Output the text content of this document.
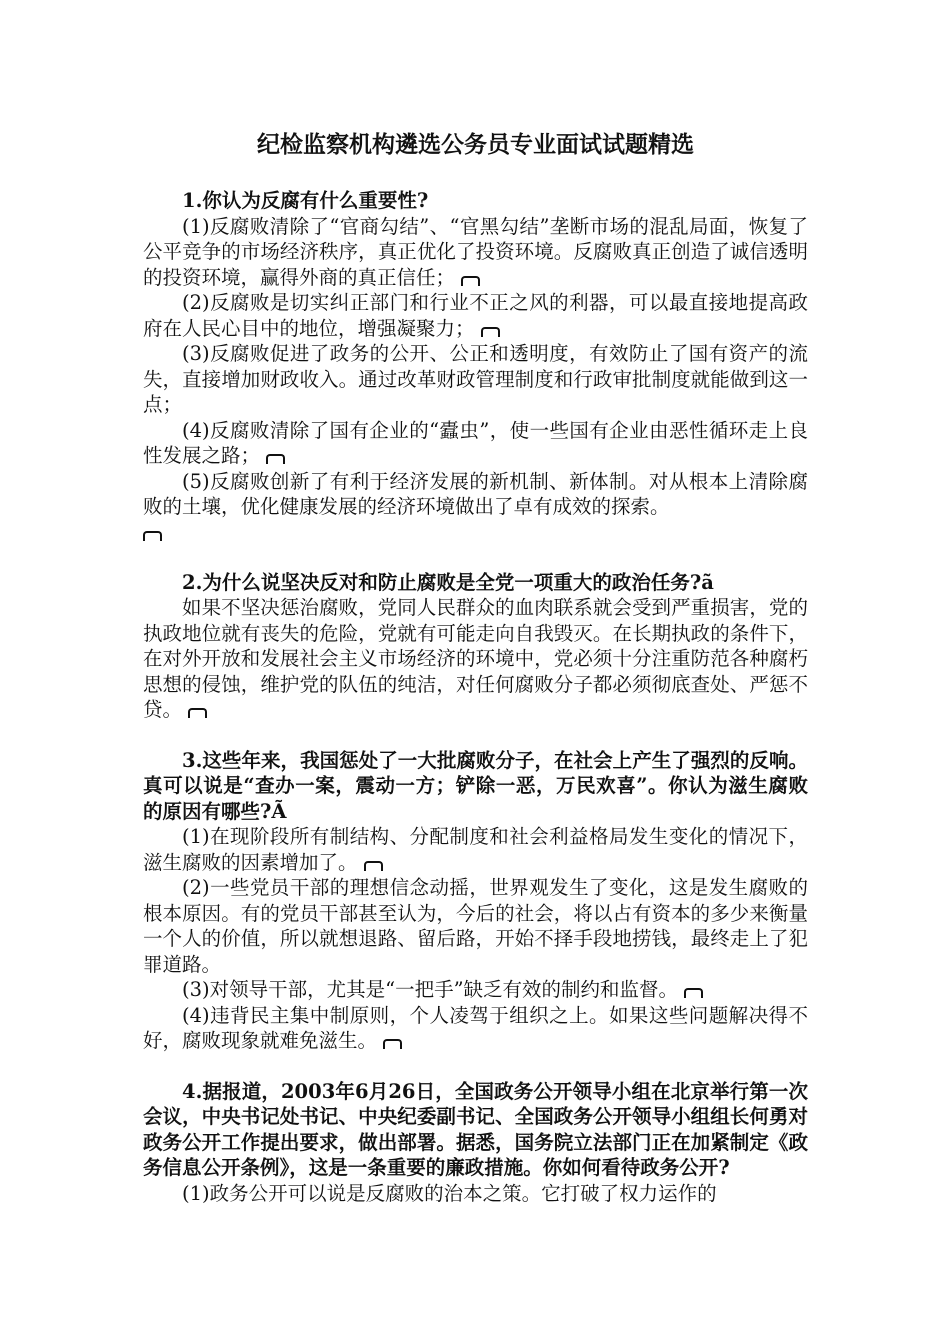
纪检监察机构遴选公务员专业面试试题精选

1.你认为反腐有什么重要性?

(1)反腐败清除了“官商勾结”、“官黑勾结”垄断市场的混乱局面，恢复了公平竞争的市场经济秩序，真正优化了投资环境。反腐败真正创造了诚信透明的投资环境，赢得外商的真正信任；

(2)反腐败是切实纠正部门和行业不正之风的利器，可以最直接地提高政府在人民心目中的地位，增强凝聚力；

(3)反腐败促进了政务的公开、公正和透明度，有效防止了国有资产的流失，直接增加财政收入。通过改革财政管理制度和行政审批制度就能做到这一点；

(4)反腐败清除了国有企业的“蠹虫”，使一些国有企业由恶性循环走上良性发展之路；

(5)反腐败创新了有利于经济发展的新机制、新体制。对从根本上清除腐败的土壤，优化健康发展的经济环境做出了卓有成效的探索。

2.为什么说坚决反对和防止腐败是全党一项重大的政治任务?ã

如果不坚决惩治腐败，党同人民群众的血肉联系就会受到严重损害，党的执政地位就有丧失的危险，党就有可能走向自我毁灭。在长期执政的条件下，在对外开放和发展社会主义市场经济的环境中，党必须十分注重防范各种腐朽思想的侵蚀，维护党的队伍的纯洁，对任何腐败分子都必须彻底查处、严惩不贷。

3.这些年来，我国惩处了一大批腐败分子，在社会上产生了强烈的反响。真可以说是“查办一案，震动一方；铲除一恶，万民欢喜”。你认为滋生腐败的原因有哪些?Ã

(1)在现阶段所有制结构、分配制度和社会利益格局发生变化的情况下，滋生腐败的因素增加了。

(2)一些党员干部的理想信念动摇，世界观发生了变化，这是发生腐败的根本原因。有的党员干部甚至认为，今后的社会，将以占有资本的多少来衡量一个人的价值，所以就想退路、留后路，开始不择手段地捞钱，最终走上了犯罪道路。

(3)对领导干部，尤其是“一把手”缺乏有效的制约和监督。

(4)违背民主集中制原则，个人凌驾于组织之上。如果这些问题解决得不好，腐败现象就难免滋生。

4.据报道，2003年6月26日，全国政务公开领导小组在北京举行第一次会议，中央书记处书记、中央纪委副书记、全国政务公开领导小组组长何勇对政务公开工作提出要求，做出部署。据悉，国务院立法部门正在加紧制定《政务信息公开条例》，这是一条重要的廉政措施。你如何看待政务公开?

(1)政务公开可以说是反腐败的治本之策。它打破了权力运作的
